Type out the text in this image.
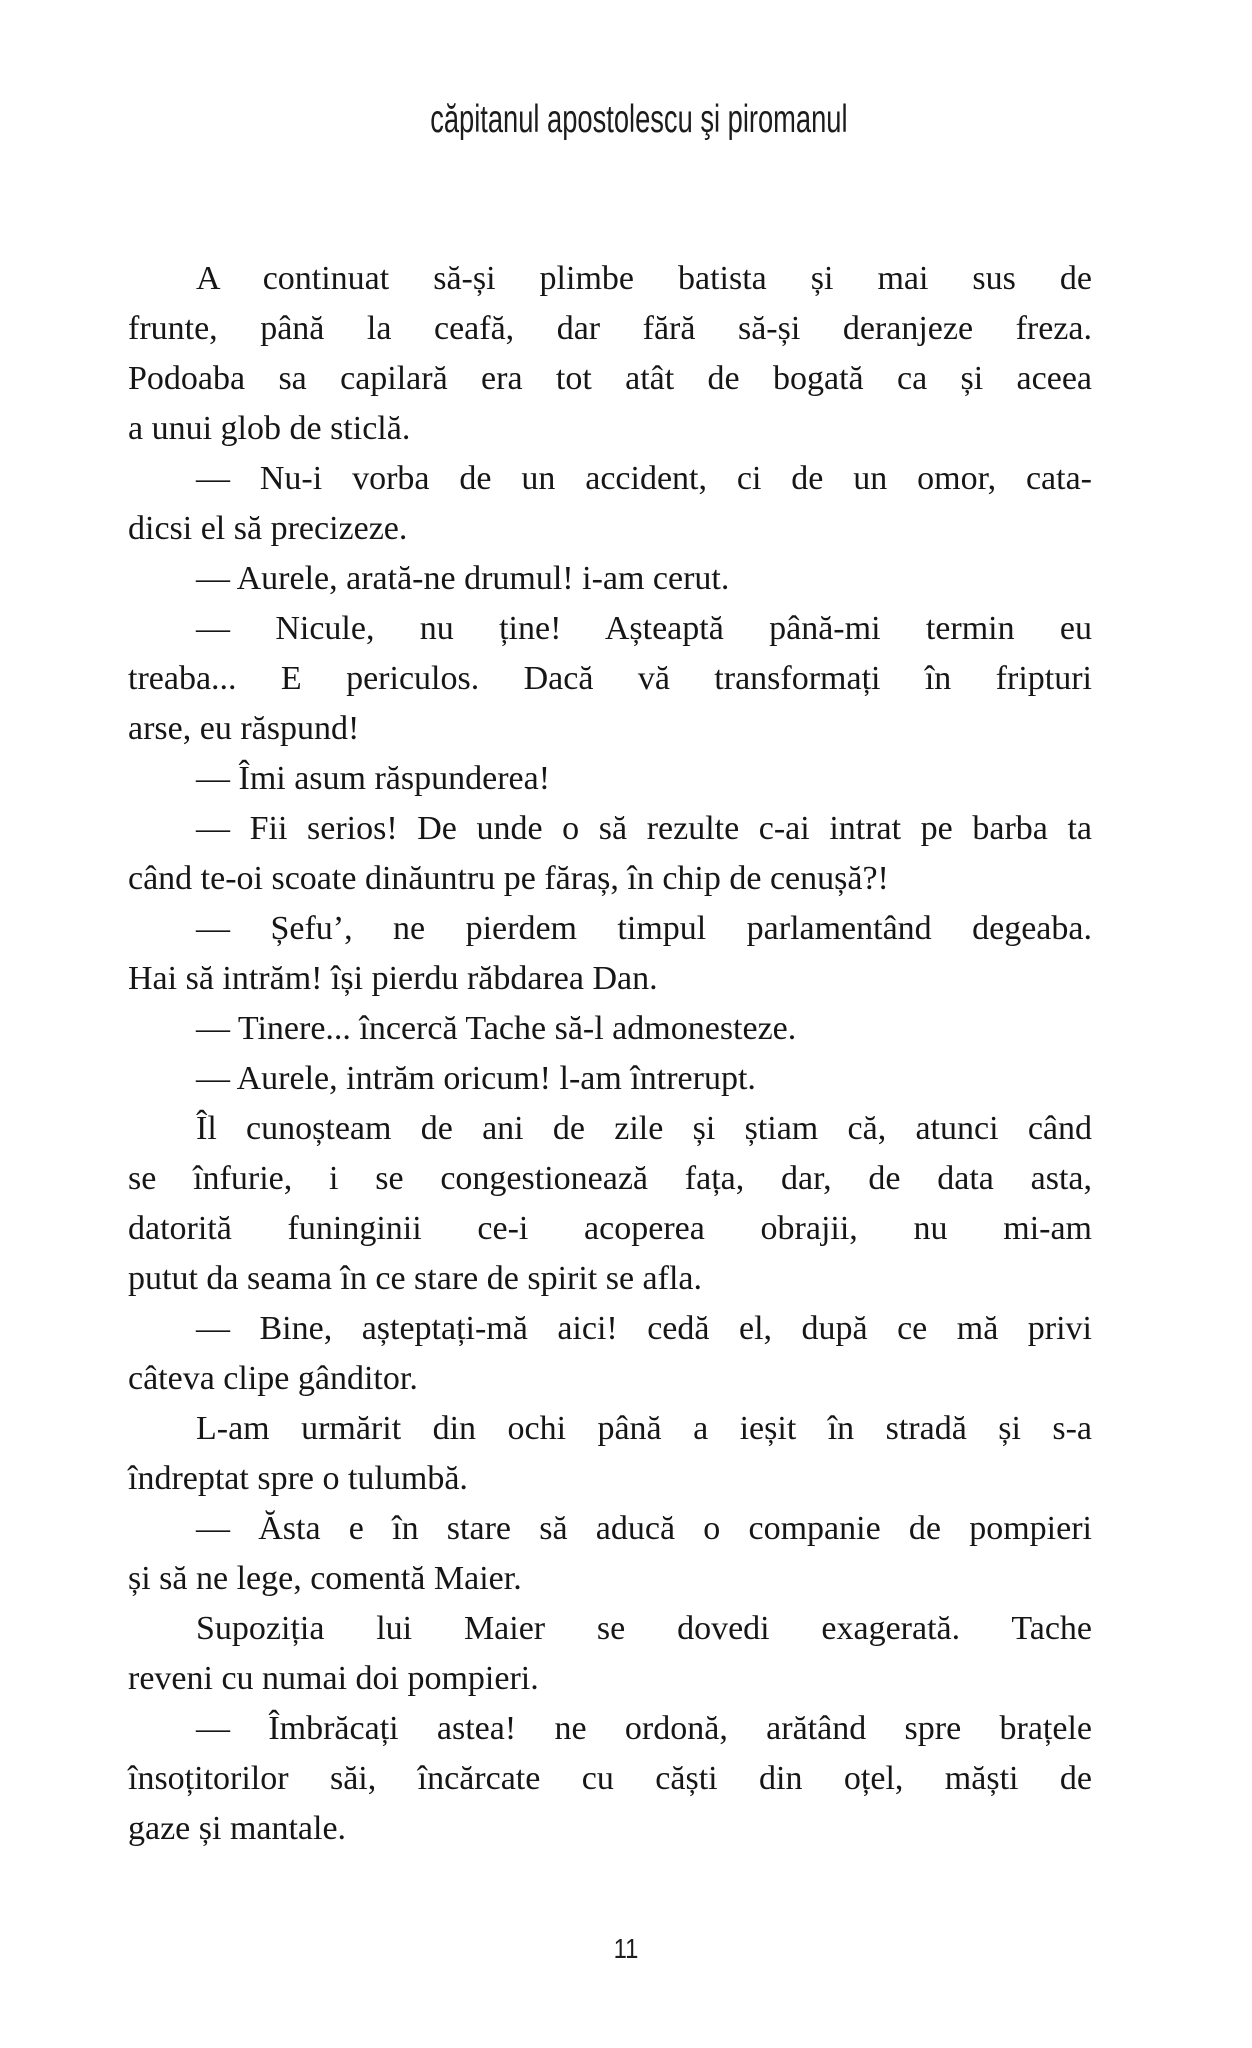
căpitanul apostolescu şi piromanul

A continuat să-și plimbe batista și mai sus de
frunte, până la ceafă, dar fără să-și deranjeze freza.
Podoaba sa capilară era tot atât de bogată ca și aceea
a unui glob de sticlă.

— Nu-i vorba de un accident, ci de un omor, cata-
dicsi el să precizeze.

— Aurele, arată-ne drumul! i-am cerut.

— Nicule, nu ține! Așteaptă până-mi termin eu
treaba... E periculos. Dacă vă transformați în fripturi
arse, eu răspund!

— Îmi asum răspunderea!

— Fii serios! De unde o să rezulte c-ai intrat pe barba ta
când te-oi scoate dinăuntru pe făraș, în chip de cenușă?!

— Șefu’, ne pierdem timpul parlamentând degeaba.
Hai să intrăm! își pierdu răbdarea Dan.

— Tinere... încercă Tache să-l admonesteze.

— Aurele, intrăm oricum! l-am întrerupt.

Îl cunoșteam de ani de zile și știam că, atunci când
se înfurie, i se congestionează fața, dar, de data asta,
datorită funinginii ce-i acoperea obrajii, nu mi-am
putut da seama în ce stare de spirit se afla.

— Bine, așteptați-mă aici! cedă el, după ce mă privi
câteva clipe gânditor.

L-am urmărit din ochi până a ieșit în stradă și s-a
îndreptat spre o tulumbă.

— Ăsta e în stare să aducă o companie de pompieri
și să ne lege, comentă Maier.

Supoziția lui Maier se dovedi exagerată. Tache
reveni cu numai doi pompieri.

— Îmbrăcați astea! ne ordonă, arătând spre brațele
însoțitorilor săi, încărcate cu căști din oțel, măști de
gaze și mantale.

11
